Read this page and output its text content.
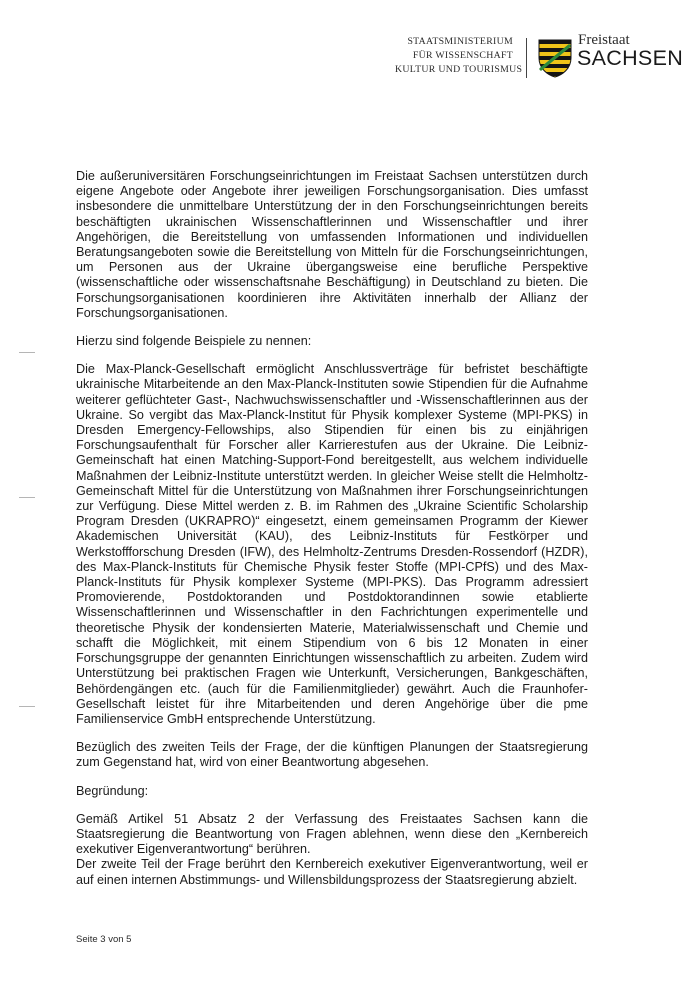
STAATSMINISTERIUM
FÜR WISSENSCHAFT
KULTUR UND TOURISMUS
Freistaat
SACHSEN

Die außeruniversitären Forschungseinrichtungen im Freistaat Sachsen unterstützen durch eigene Angebote oder Angebote ihrer jeweiligen Forschungsorganisation. Dies umfasst insbesondere die unmittelbare Unterstützung der in den Forschungseinrichtungen bereits beschäftigten ukrainischen Wissenschaftlerinnen und Wissenschaftler und ihrer Angehörigen, die Bereitstellung von umfassenden Informationen und individuellen Beratungsangeboten sowie die Bereitstellung von Mitteln für die Forschungseinrichtungen, um Personen aus der Ukraine übergangsweise eine berufliche Perspektive (wissenschaftliche oder wissenschaftsnahe Beschäftigung) in Deutschland zu bieten. Die Forschungsorganisationen koordinieren ihre Aktivitäten innerhalb der Allianz der Forschungsorganisationen.

Hierzu sind folgende Beispiele zu nennen:

Die Max-Planck-Gesellschaft ermöglicht Anschlussverträge für befristet beschäftigte ukrainische Mitarbeitende an den Max-Planck-Instituten sowie Stipendien für die Aufnahme weiterer geflüchteter Gast-, Nachwuchswissenschaftler und -Wissenschaftlerinnen aus der Ukraine. So vergibt das Max-Planck-Institut für Physik komplexer Systeme (MPI-PKS) in Dresden Emergency-Fellowships, also Stipendien für einen bis zu einjährigen Forschungsaufenthalt für Forscher aller Karrierestufen aus der Ukraine. Die Leibniz-Gemeinschaft hat einen Matching-Support-Fond bereitgestellt, aus welchem individuelle Maßnahmen der Leibniz-Institute unterstützt werden. In gleicher Weise stellt die Helmholtz-Gemeinschaft Mittel für die Unterstützung von Maßnahmen ihrer Forschungseinrichtungen zur Verfügung. Diese Mittel werden z. B. im Rahmen des „Ukraine Scientific Scholarship Program Dresden (UKRAPRO)“ eingesetzt, einem gemeinsamen Programm der Kiewer Akademischen Universität (KAU), des Leibniz-Instituts für Festkörper und Werkstoffforschung Dresden (IFW), des Helmholtz-Zentrums Dresden-Rossendorf (HZDR), des Max-Planck-Instituts für Chemische Physik fester Stoffe (MPI-CPfS) und des Max-Planck-Instituts für Physik komplexer Systeme (MPI-PKS). Das Programm adressiert Promovierende, Postdoktoranden und Postdoktorandinnen sowie etablierte Wissenschaftlerinnen und Wissenschaftler in den Fachrichtungen experimentelle und theoretische Physik der kondensierten Materie, Materialwissenschaft und Chemie und schafft die Möglichkeit, mit einem Stipendium von 6 bis 12 Monaten in einer Forschungsgruppe der genannten Einrichtungen wissenschaftlich zu arbeiten. Zudem wird Unterstützung bei praktischen Fragen wie Unterkunft, Versicherungen, Bankgeschäften, Behördengängen etc. (auch für die Familienmitglieder) gewährt. Auch die Fraunhofer-Gesellschaft leistet für ihre Mitarbeitenden und deren Angehörige über die pme Familienservice GmbH entsprechende Unterstützung.

Bezüglich des zweiten Teils der Frage, der die künftigen Planungen der Staatsregierung zum Gegenstand hat, wird von einer Beantwortung abgesehen.

Begründung:

Gemäß Artikel 51 Absatz 2 der Verfassung des Freistaates Sachsen kann die Staatsregierung die Beantwortung von Fragen ablehnen, wenn diese den „Kernbereich exekutiver Eigenverantwortung“ berühren.

Der zweite Teil der Frage berührt den Kernbereich exekutiver Eigenverantwortung, weil er auf einen internen Abstimmungs- und Willensbildungsprozess der Staatsregierung abzielt.

Seite 3 von 5
